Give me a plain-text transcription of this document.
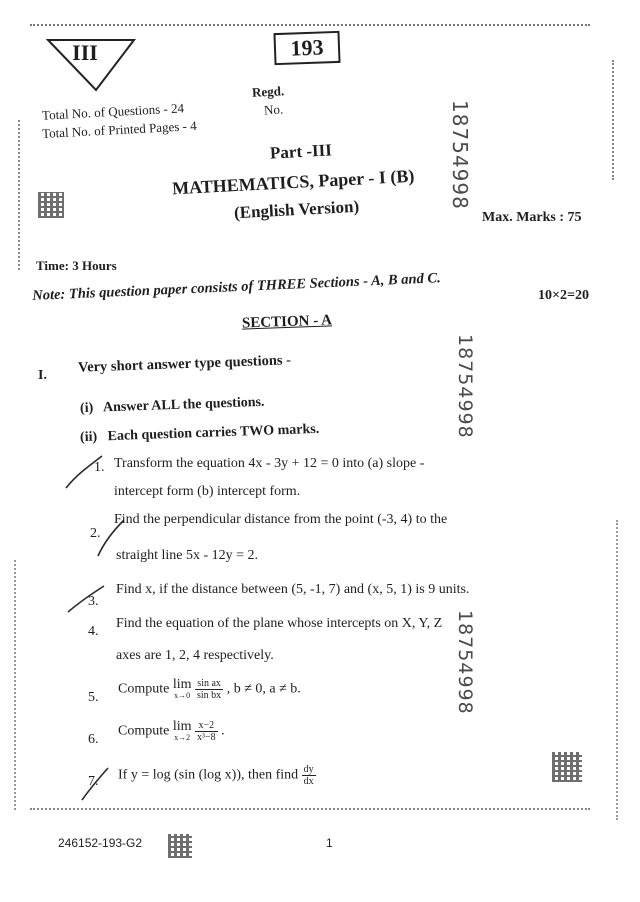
III	193
Total No. of Questions - 24
Total No. of Printed Pages - 4
Regd.
No.	18754998
18754998
18754998
Part -III
MATHEMATICS, Paper - I (B)
(English Version)	Max. Marks : 75
Time: 3 Hours
Note: This question paper consists of THREE Sections - A, B and C.	10×2=20
SECTION - A
I. Very short answer type questions -
(i) Answer ALL the questions.
(ii) Each question carries TWO marks.
1. Transform the equation 4x - 3y + 12 = 0 into (a) slope -
intercept form (b) intercept form.
2.
Find the perpendicular distance from the point (-3, 4) to the
straight line 5x - 12y = 2.
3.
Find x, if the distance between (5, -1, 7) and (x, 5, 1) is 9 units.
4.
Find the equation of the plane whose intercepts on X, Y, Z
axes are 1, 2, 4 respectively.
5.
Compute lim
x→0
$\frac{\text{sin ax}}{\text{sin bx}}$ , b ≠ 0, a ≠ b.
6.
Compute lim
x→2
$\frac{x-2}{\text{x³−8}}$ .
7. If y = log (sin (log x)), then find $\frac{dy}{dx}$
246152-193-G2	1
